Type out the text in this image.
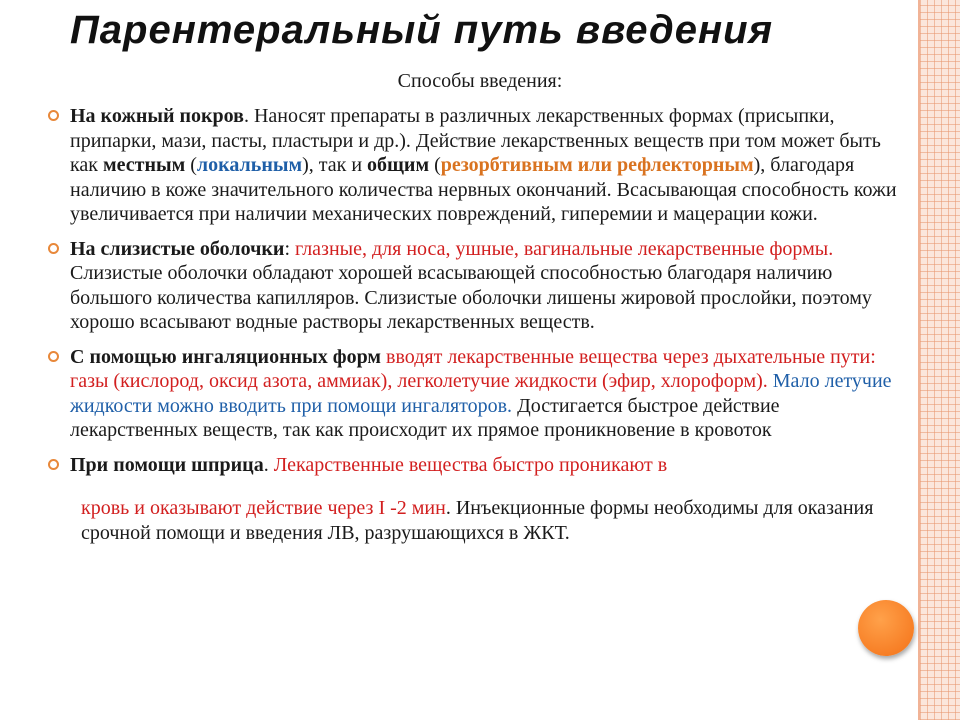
Парентеральный путь введения
Способы введения:
На кожный покров. Наносят препараты в различных лекарственных формах (присыпки, припарки, мази, пасты, пластыри и др.). Действие лекарственных веществ при том может быть как местным (локальным), так и общим (резорбтивным или рефлекторным), благодаря наличию в коже значительного количества нервных окончаний. Всасывающая способность кожи увеличивается при наличии механических повреждений, гиперемии и мацерации кожи.
На слизистые оболочки: глазные, для носа, ушные, вагинальные лекарственные формы. Слизистые оболочки обладают хорошей всасывающей способностью благодаря наличию большого количества капилляров. Слизистые оболочки лишены жировой прослойки, поэтому хорошо всасывают водные растворы лекарственных веществ.
С помощью ингаляционных форм вводят лекарственные вещества через дыхательные пути: газы (кислород, оксид азота, аммиак), легколетучие жидкости (эфир, хлороформ). Мало летучие жидкости можно вводить при помощи ингаляторов. Достигается быстрое действие лекарственных веществ, так как происходит их прямое проникновение в кровоток
При помощи шприца. Лекарственные вещества быстро проникают в
кровь и оказывают действие через I -2 мин. Инъекционные формы необходимы для оказания срочной помощи и введения ЛВ, разрушающихся в ЖКТ.
